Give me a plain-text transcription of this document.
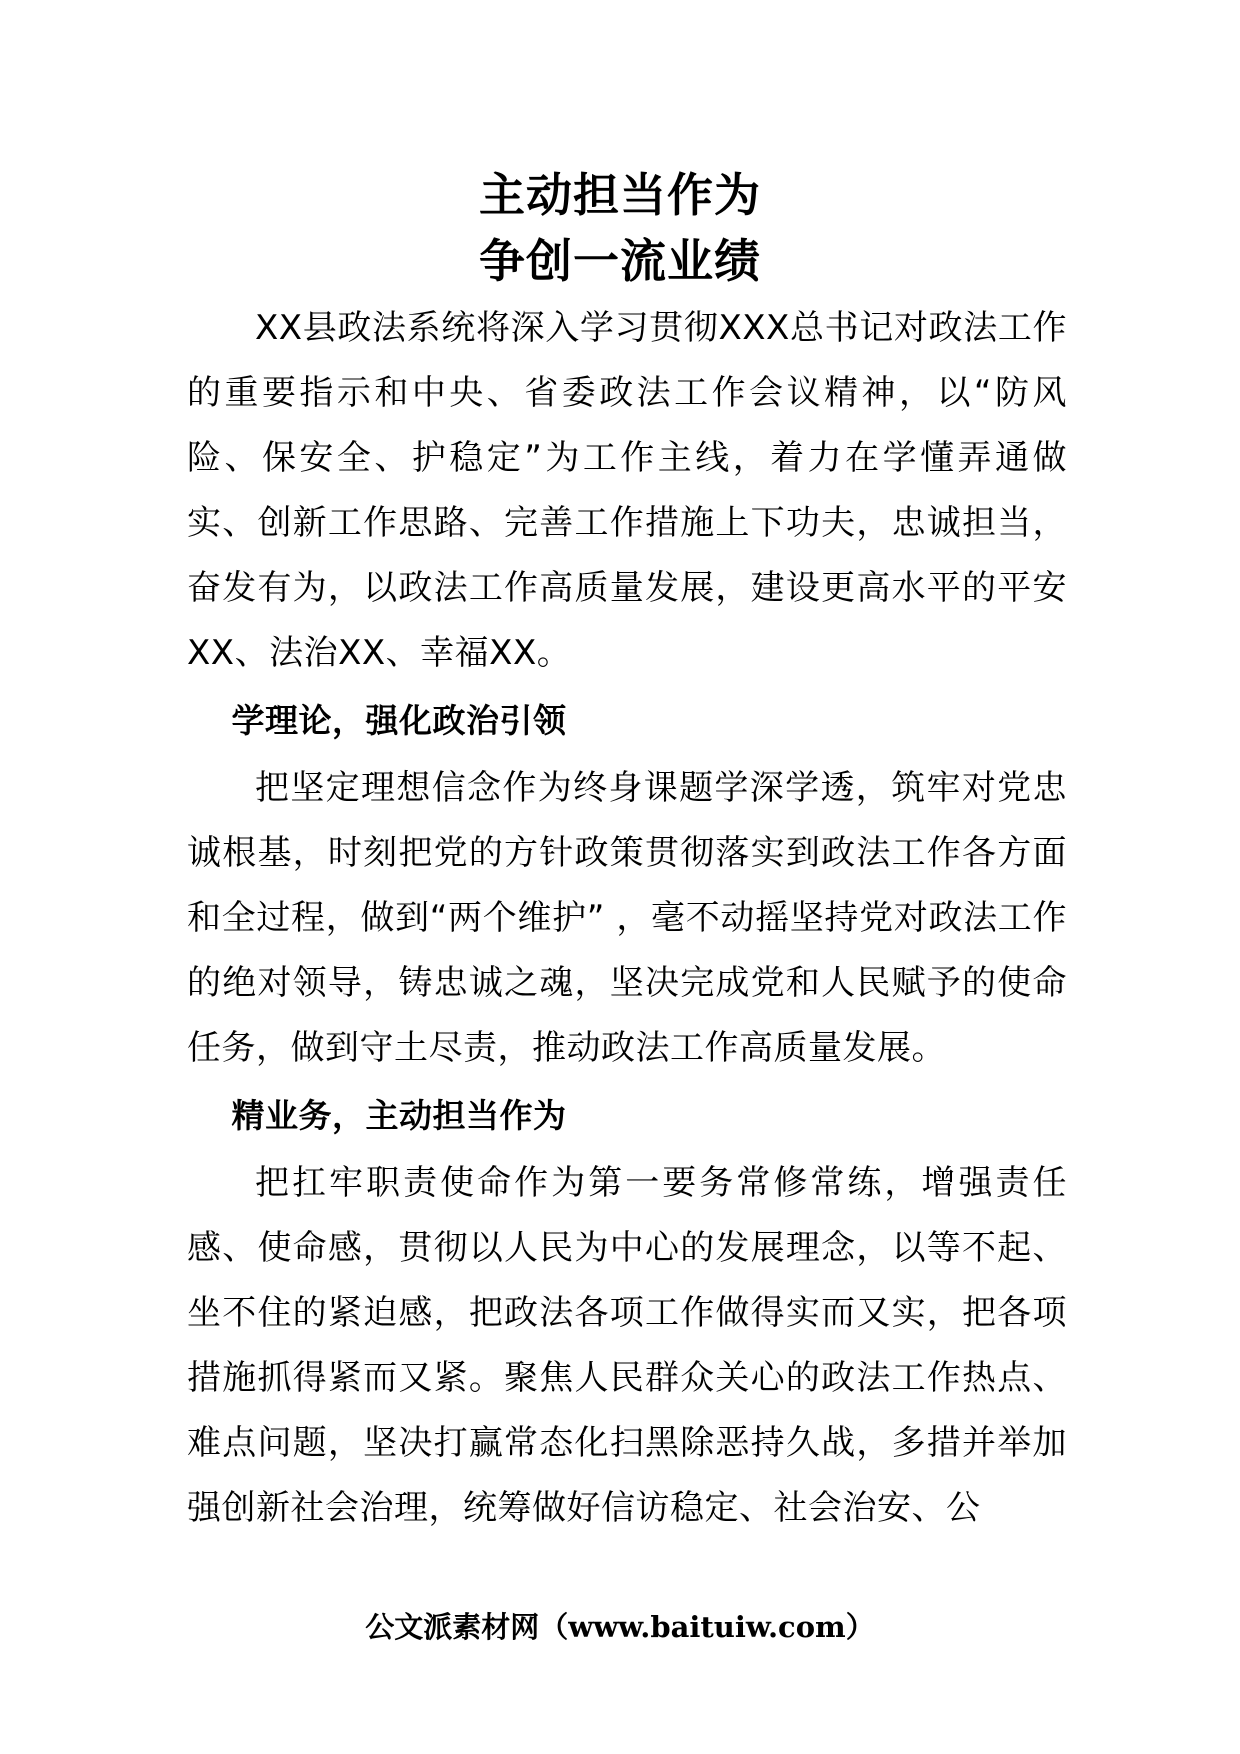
主动担当作为
争创一流业绩

XX县政法系统将深入学习贯彻XXX总书记对政法工作的重要指示和中央、省委政法工作会议精神，以“防风险、保安全、护稳定”为工作主线，着力在学懂弄通做实、创新工作思路、完善工作措施上下功夫，忠诚担当，奋发有为，以政法工作高质量发展，建设更高水平的平安XX、法治XX、幸福XX。

学理论，强化政治引领

把坚定理想信念作为终身课题学深学透，筑牢对党忠诚根基，时刻把党的方针政策贯彻落实到政法工作各方面和全过程，做到“两个维护” ，毫不动摇坚持党对政法工作的绝对领导，铸忠诚之魂，坚决完成党和人民赋予的使命任务，做到守土尽责，推动政法工作高质量发展。

精业务，主动担当作为

把扛牢职责使命作为第一要务常修常练，增强责任感、使命感，贯彻以人民为中心的发展理念，以等不起、坐不住的紧迫感，把政法各项工作做得实而又实，把各项措施抓得紧而又紧。聚焦人民群众关心的政法工作热点、难点问题，坚决打赢常态化扫黑除恶持久战，多措并举加强创新社会治理，统筹做好信访稳定、社会治安、公

公文派素材网（www.baituiw.com）
